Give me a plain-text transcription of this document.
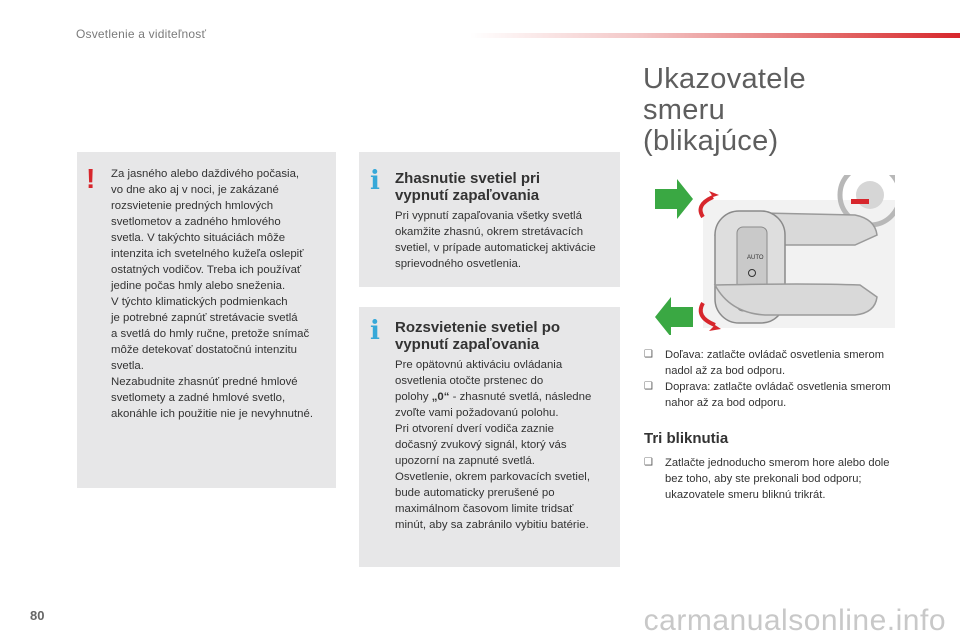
Osvetlenie a viditeľnosť
! Za jasného alebo daždivého počasia,
vo dne ako aj v noci, je zakázané
rozsvietenie predných hmlových
svetlometov a zadného hmlového
svetla. V takýchto situáciách môže
intenzita ich svetelného kužeľa oslepiť
ostatných vodičov. Treba ich používať
jedine počas hmly alebo sneženia.
V týchto klimatických podmienkach
je potrebné zapnúť stretávacie svetlá
a svetlá do hmly ručne, pretože snímač
môže detekovať dostatočnú intenzitu
svetla.
Nezabudnite zhasnúť predné hmlové
svetlomety a zadné hmlové svetlo,
akonáhle ich použitie nie je nevyhnutné.
i Zhasnutie svetiel pri
vypnutí zapaľovania
Pri vypnutí zapaľovania všetky svetlá
okamžite zhasnú, okrem stretávacích
svetiel, v prípade automatickej aktivácie
sprievodného osvetlenia.
i Rozsvietenie svetiel po
vypnutí zapaľovania
Pre opätovnú aktiváciu ovládania
osvetlenia otočte prstenec do
polohy „0“ - zhasnuté svetlá, následne
zvoľte vami požadovanú polohu.
Pri otvorení dverí vodiča zaznie
dočasný zvukový signál, ktorý vás
upozorní na zapnuté svetlá.
Osvetlenie, okrem parkovacích svetiel,
bude automaticky prerušené po
maximálnom časovom limite tridsať
minút, aby sa zabránilo vybitiu batérie.
Ukazovatele
smeru
(blikajúce)
AUTO
❑ Doľava: zatlačte ovládač osvetlenia smerom nadol až za bod odporu.
❑ Doprava: zatlačte ovládač osvetlenia smerom nahor až za bod odporu.
Tri bliknutia
❑ Zatlačte jednoducho smerom hore alebo dole bez toho, aby ste prekonali bod odporu; ukazovatele smeru bliknú trikrát.
80	carmanualsonline.info
